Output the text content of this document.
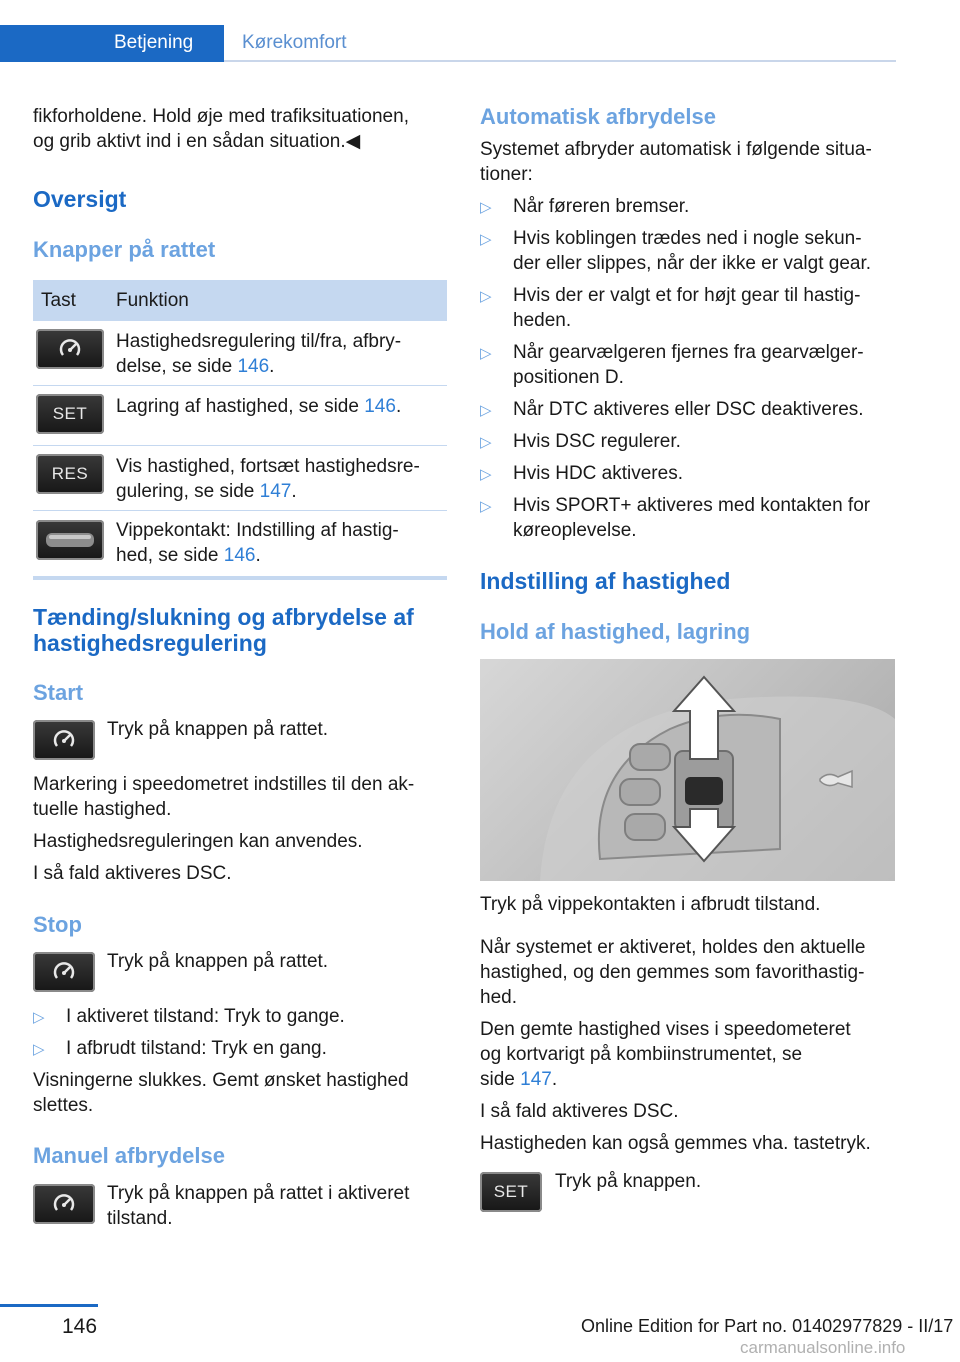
Betjening	Kørekomfort
fikforholdene. Hold øje med trafiksituationen,
og grib aktivt ind i en sådan situation.◀
Oversigt
Knapper på rattet
Tast Funktion
Hastighedsregulering til/fra, afbry-
delse, se side 146.
SET Lagring af hastighed, se side 146.
RES Vis hastighed, fortsæt hastighedsre-
gulering, se side 147.
Vippekontakt: Indstilling af hastig-
hed, se side 146.
Tænding/slukning og afbrydelse af
hastighedsregulering
Start
Tryk på knappen på rattet.
Markering i speedometret indstilles til den ak-
tuelle hastighed.
Hastighedsreguleringen kan anvendes.
I så fald aktiveres DSC.
Stop
Tryk på knappen på rattet.
▷ I aktiveret tilstand: Tryk to gange.
▷ I afbrudt tilstand: Tryk en gang.
Visningerne slukkes. Gemt ønsket hastighed
slettes.
Manuel afbrydelse
Tryk på knappen på rattet i aktiveret
tilstand.
Automatisk afbrydelse
Systemet afbryder automatisk i følgende situa-
tioner:
▷ Når føreren bremser.
▷ Hvis koblingen trædes ned i nogle sekun-
der eller slippes, når der ikke er valgt gear.
▷ Hvis der er valgt et for højt gear til hastig-
heden.
▷ Når gearvælgeren fjernes fra gearvælger-
positionen D.
▷ Når DTC aktiveres eller DSC deaktiveres.
▷ Hvis DSC regulerer.
▷ Hvis HDC aktiveres.
▷ Hvis SPORT+ aktiveres med kontakten for
køreoplevelse.
Indstilling af hastighed
Hold af hastighed, lagring
Tryk på vippekontakten i afbrudt tilstand.
Når systemet er aktiveret, holdes den aktuelle
hastighed, og den gemmes som favorithastig-
hed.
Den gemte hastighed vises i speedometeret
og kortvarigt på kombiinstrumentet, se
side 147.
I så fald aktiveres DSC.
Hastigheden kan også gemmes vha. tastetryk.
SET Tryk på knappen.
146	Online Edition for Part no. 01402977829 - II/17
carmanualsonline.info
